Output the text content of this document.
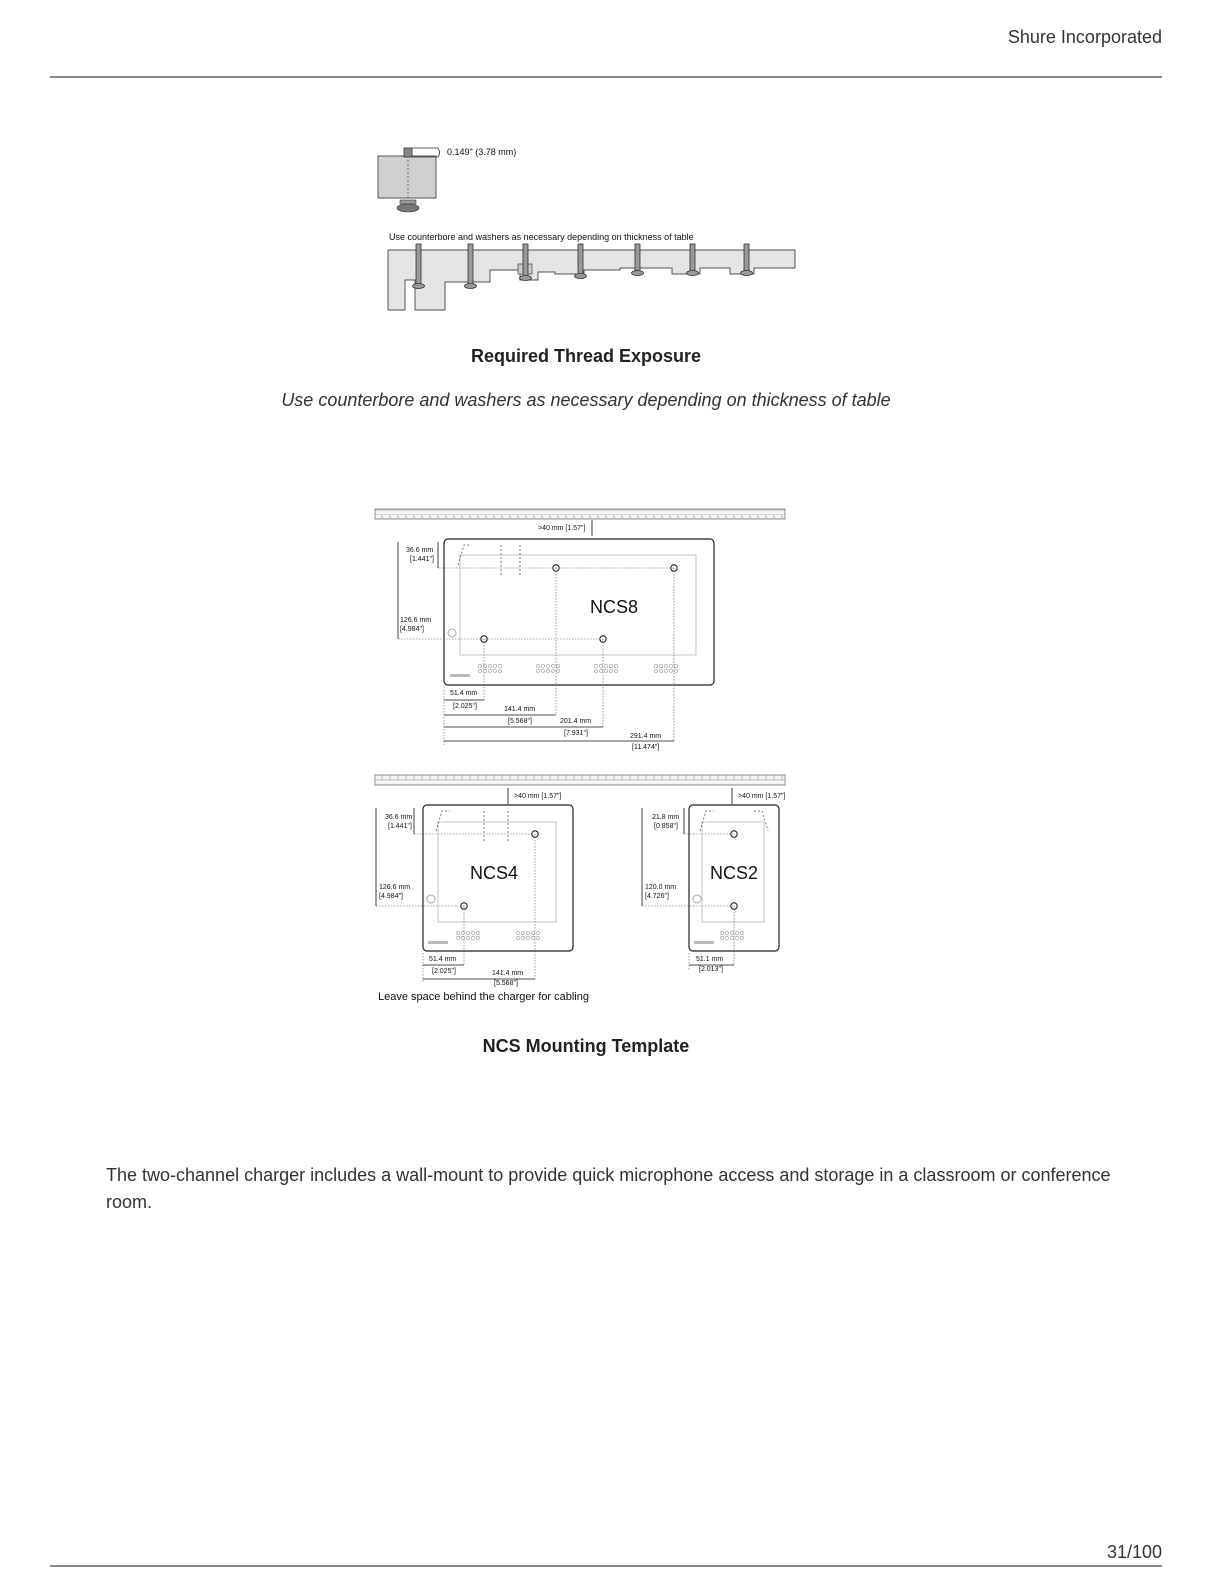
Shure Incorporated
0.149" (3.78 mm)
Use counterbore and washers as necessary depending on thickness of table
Required Thread Exposure
Use counterbore and washers as necessary depending on thickness of table
>40 mm [1.57"]
NCS8
36.6 mm
[1.441"]
126.6 mm
[4.984"]
51.4 mm
[2.025"]	141.4 mm
[5.568"]	201.4 mm
[7.931"]	291.4 mm
[11.474"]
>40 mm [1.57"]
NCS4
36.6 mm
[1.441"]
126.6 mm
[4.984"]
51.4 mm
[2.025"]	141.4 mm
[5.568"]
>40 mm [1.57"]
NCS2
21.8 mm
[0.858"]
120.0 mm
[4.726"]
51.1 mm
[2.013"]
Leave space behind the charger for cabling
NCS Mounting Template
The two-channel charger includes a wall-mount to provide quick microphone access and storage in a classroom or conference room.
31/100
